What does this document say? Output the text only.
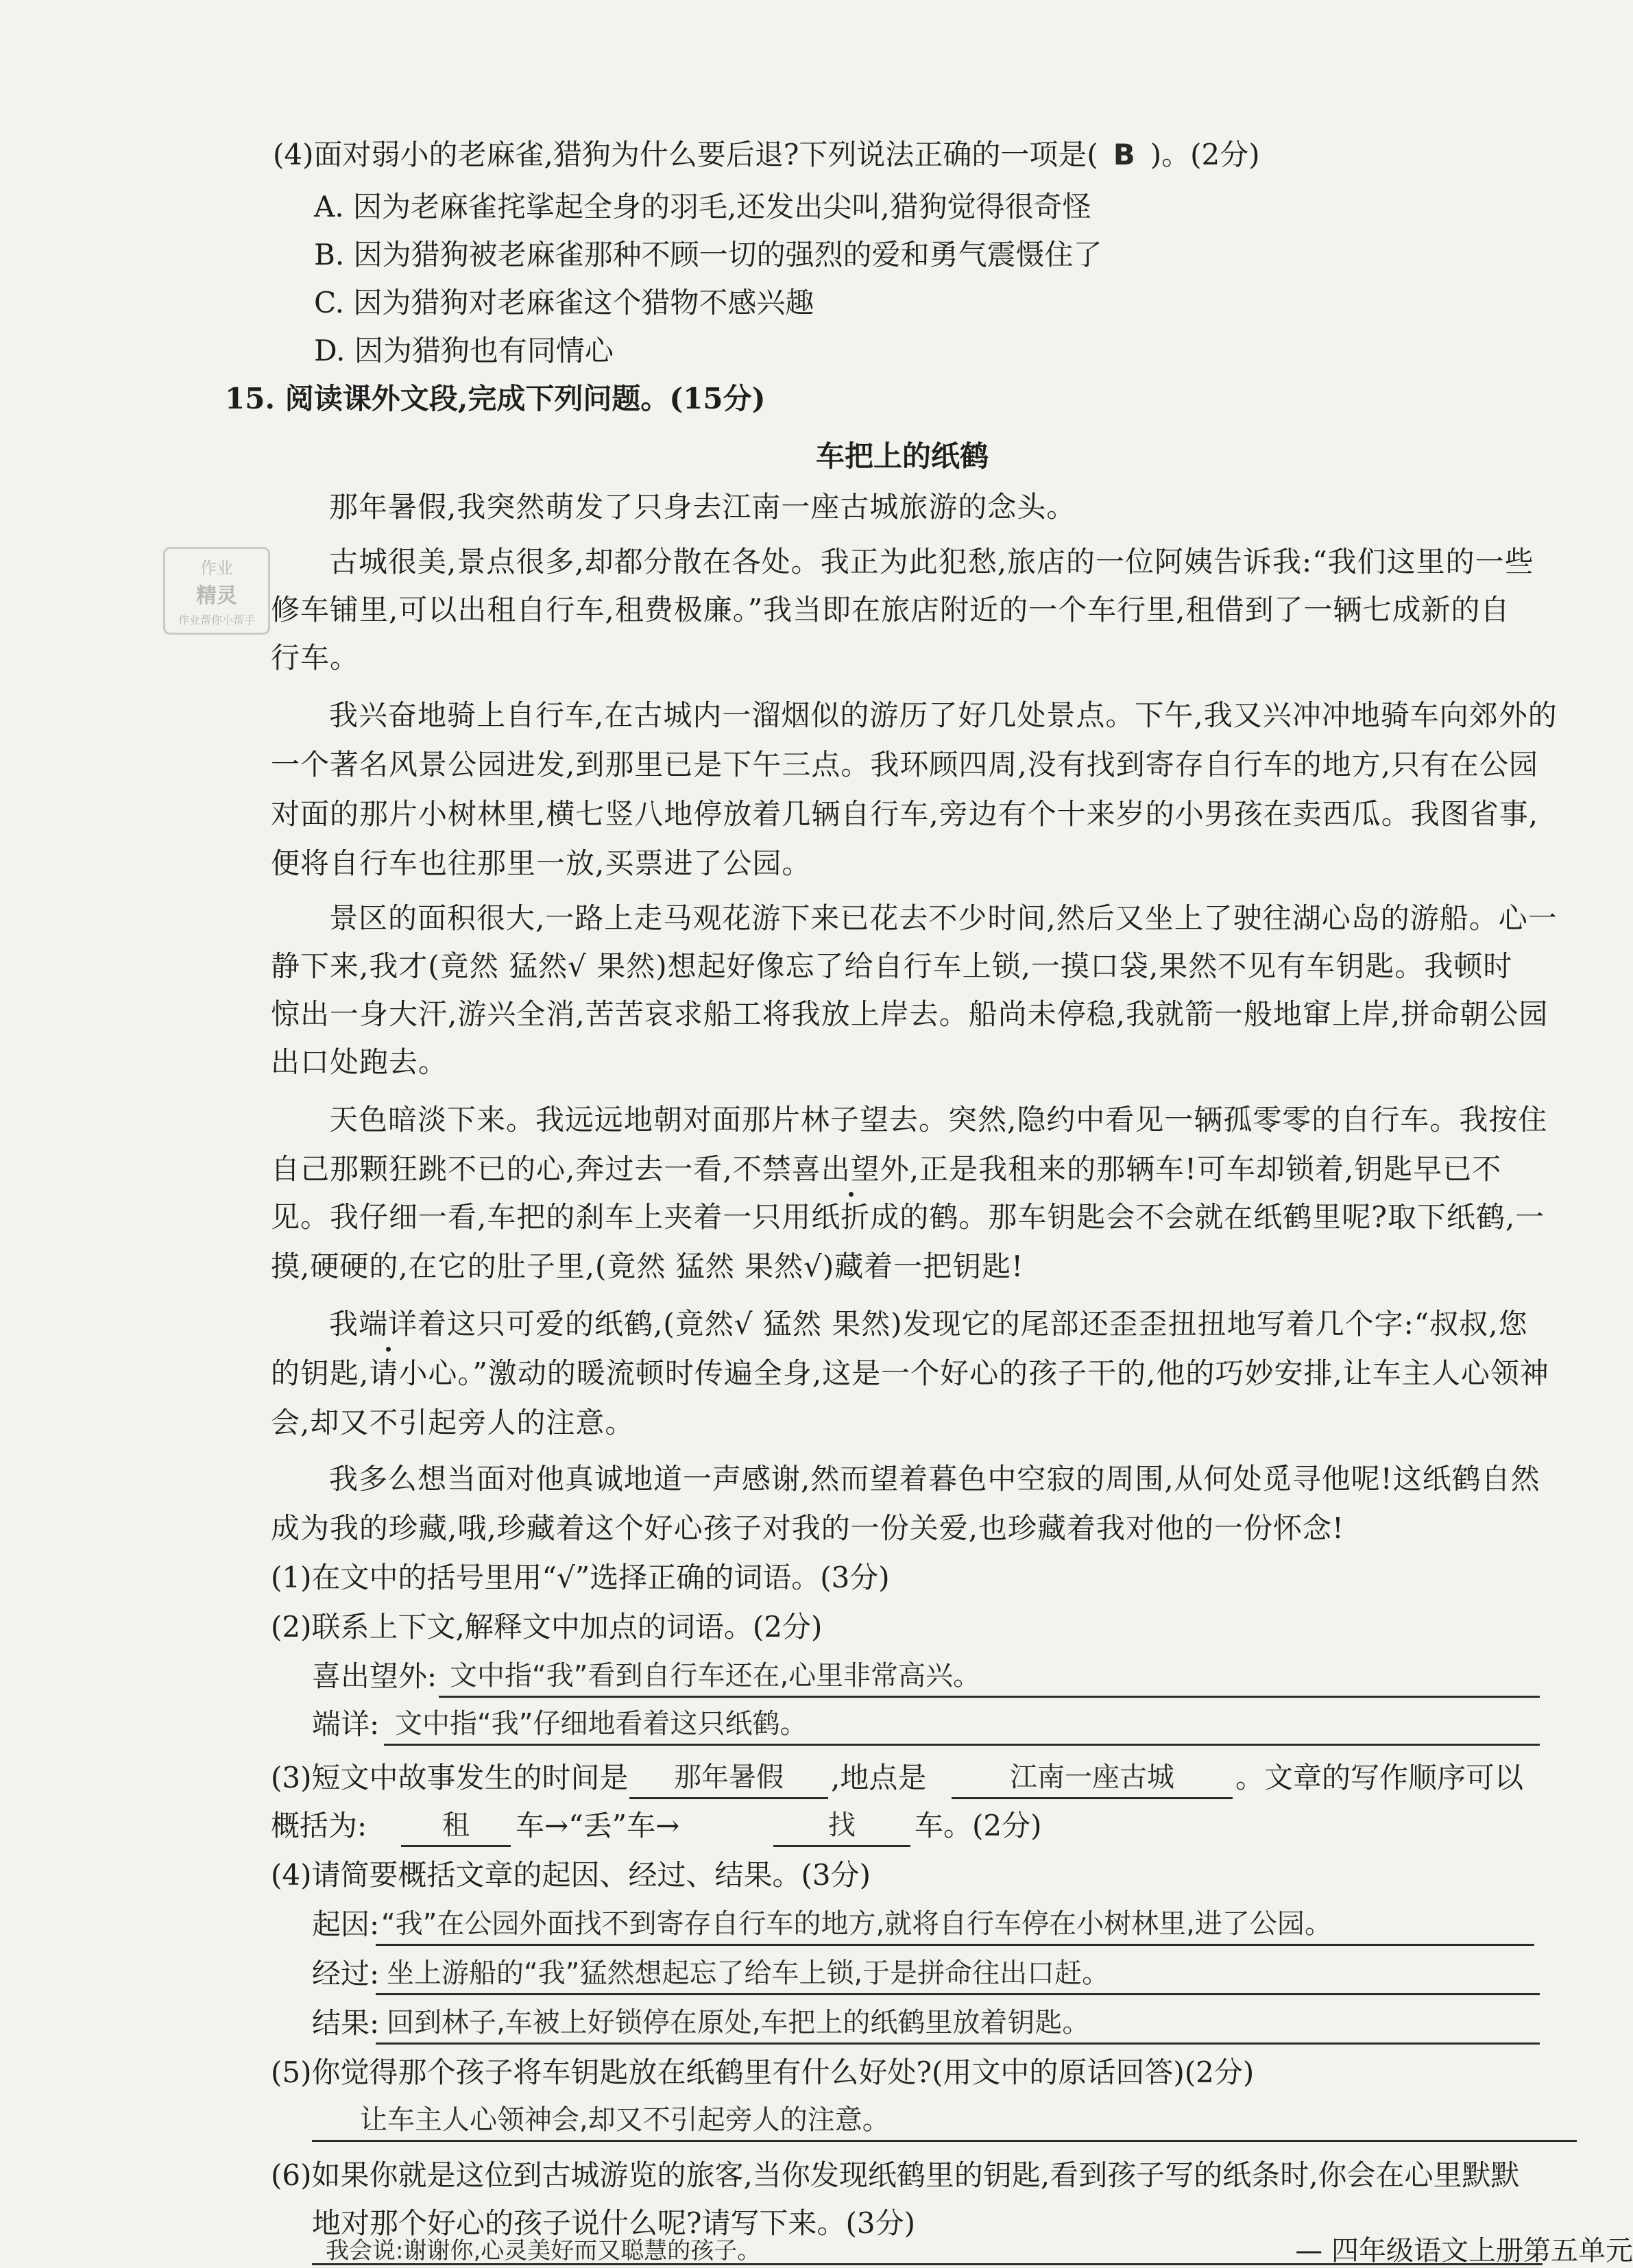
作业
精灵
作业帮你小帮手
(4)面对弱小的老麻雀,猎狗为什么要后退?下列说法正确的一项是( B )。(2分)
A. 因为老麻雀挓挲起全身的羽毛,还发出尖叫,猎狗觉得很奇怪
B. 因为猎狗被老麻雀那种不顾一切的强烈的爱和勇气震慑住了
C. 因为猎狗对老麻雀这个猎物不感兴趣
D. 因为猎狗也有同情心
15. 阅读课外文段,完成下列问题。(15分)
车把上的纸鹤
那年暑假,我突然萌发了只身去江南一座古城旅游的念头。
古城很美,景点很多,却都分散在各处。我正为此犯愁,旅店的一位阿姨告诉我:“我们这里的一些
修车铺里,可以出租自行车,租费极廉。”我当即在旅店附近的一个车行里,租借到了一辆七成新的自
行车。
我兴奋地骑上自行车,在古城内一溜烟似的游历了好几处景点。下午,我又兴冲冲地骑车向郊外的
一个著名风景公园进发,到那里已是下午三点。我环顾四周,没有找到寄存自行车的地方,只有在公园
对面的那片小树林里,横七竖八地停放着几辆自行车,旁边有个十来岁的小男孩在卖西瓜。我图省事,
便将自行车也往那里一放,买票进了公园。
景区的面积很大,一路上走马观花游下来已花去不少时间,然后又坐上了驶往湖心岛的游船。心一
静下来,我才(竟然 猛然√ 果然)想起好像忘了给自行车上锁,一摸口袋,果然不见有车钥匙。我顿时
惊出一身大汗,游兴全消,苦苦哀求船工将我放上岸去。船尚未停稳,我就箭一般地窜上岸,拼命朝公园
出口处跑去。
天色暗淡下来。我远远地朝对面那片林子望去。突然,隐约中看见一辆孤零零的自行车。我按住
自己那颗狂跳不已的心,奔过去一看,不禁喜出望外,正是我租来的那辆车!可车却锁着,钥匙早已不
见。我仔细一看,车把的刹车上夹着一只用纸折成的鹤。那车钥匙会不会就在纸鹤里呢?取下纸鹤,一
摸,硬硬的,在它的肚子里,(竟然 猛然 果然√)藏着一把钥匙!
我端详着这只可爱的纸鹤,(竟然√ 猛然 果然)发现它的尾部还歪歪扭扭地写着几个字:“叔叔,您
的钥匙,请小心。”激动的暖流顿时传遍全身,这是一个好心的孩子干的,他的巧妙安排,让车主人心领神
会,却又不引起旁人的注意。
我多么想当面对他真诚地道一声感谢,然而望着暮色中空寂的周围,从何处觅寻他呢!这纸鹤自然
成为我的珍藏,哦,珍藏着这个好心孩子对我的一份关爱,也珍藏着我对他的一份怀念!
(1)在文中的括号里用“√”选择正确的词语。(3分)
(2)联系上下文,解释文中加点的词语。(2分)
喜出望外: 文中指“我”看到自行车还在,心里非常高兴。
端详: 文中指“我”仔细地看着这只纸鹤。
(3)短文中故事发生的时间是	那年暑假	,地点是	江南一座古城	。文章的写作顺序可以
概括为:	租	车→“丢”车→	找	车。(2分)
(4)请简要概括文章的起因、经过、结果。(3分)
起因: “我”在公园外面找不到寄存自行车的地方,就将自行车停在小树林里,进了公园。
经过: 坐上游船的“我”猛然想起忘了给车上锁,于是拼命往出口赶。
结果: 回到林子,车被上好锁停在原处,车把上的纸鹤里放着钥匙。
(5)你觉得那个孩子将车钥匙放在纸鹤里有什么好处?(用文中的原话回答)(2分)
让车主人心领神会,却又不引起旁人的注意。
(6)如果你就是这位到古城游览的旅客,当你发现纸鹤里的钥匙,看到孩子写的纸条时,你会在心里默默
地对那个好心的孩子说什么呢?请写下来。(3分)
我会说:谢谢你,心灵美好而又聪慧的孩子。	— 四年级语文上册第五单元
